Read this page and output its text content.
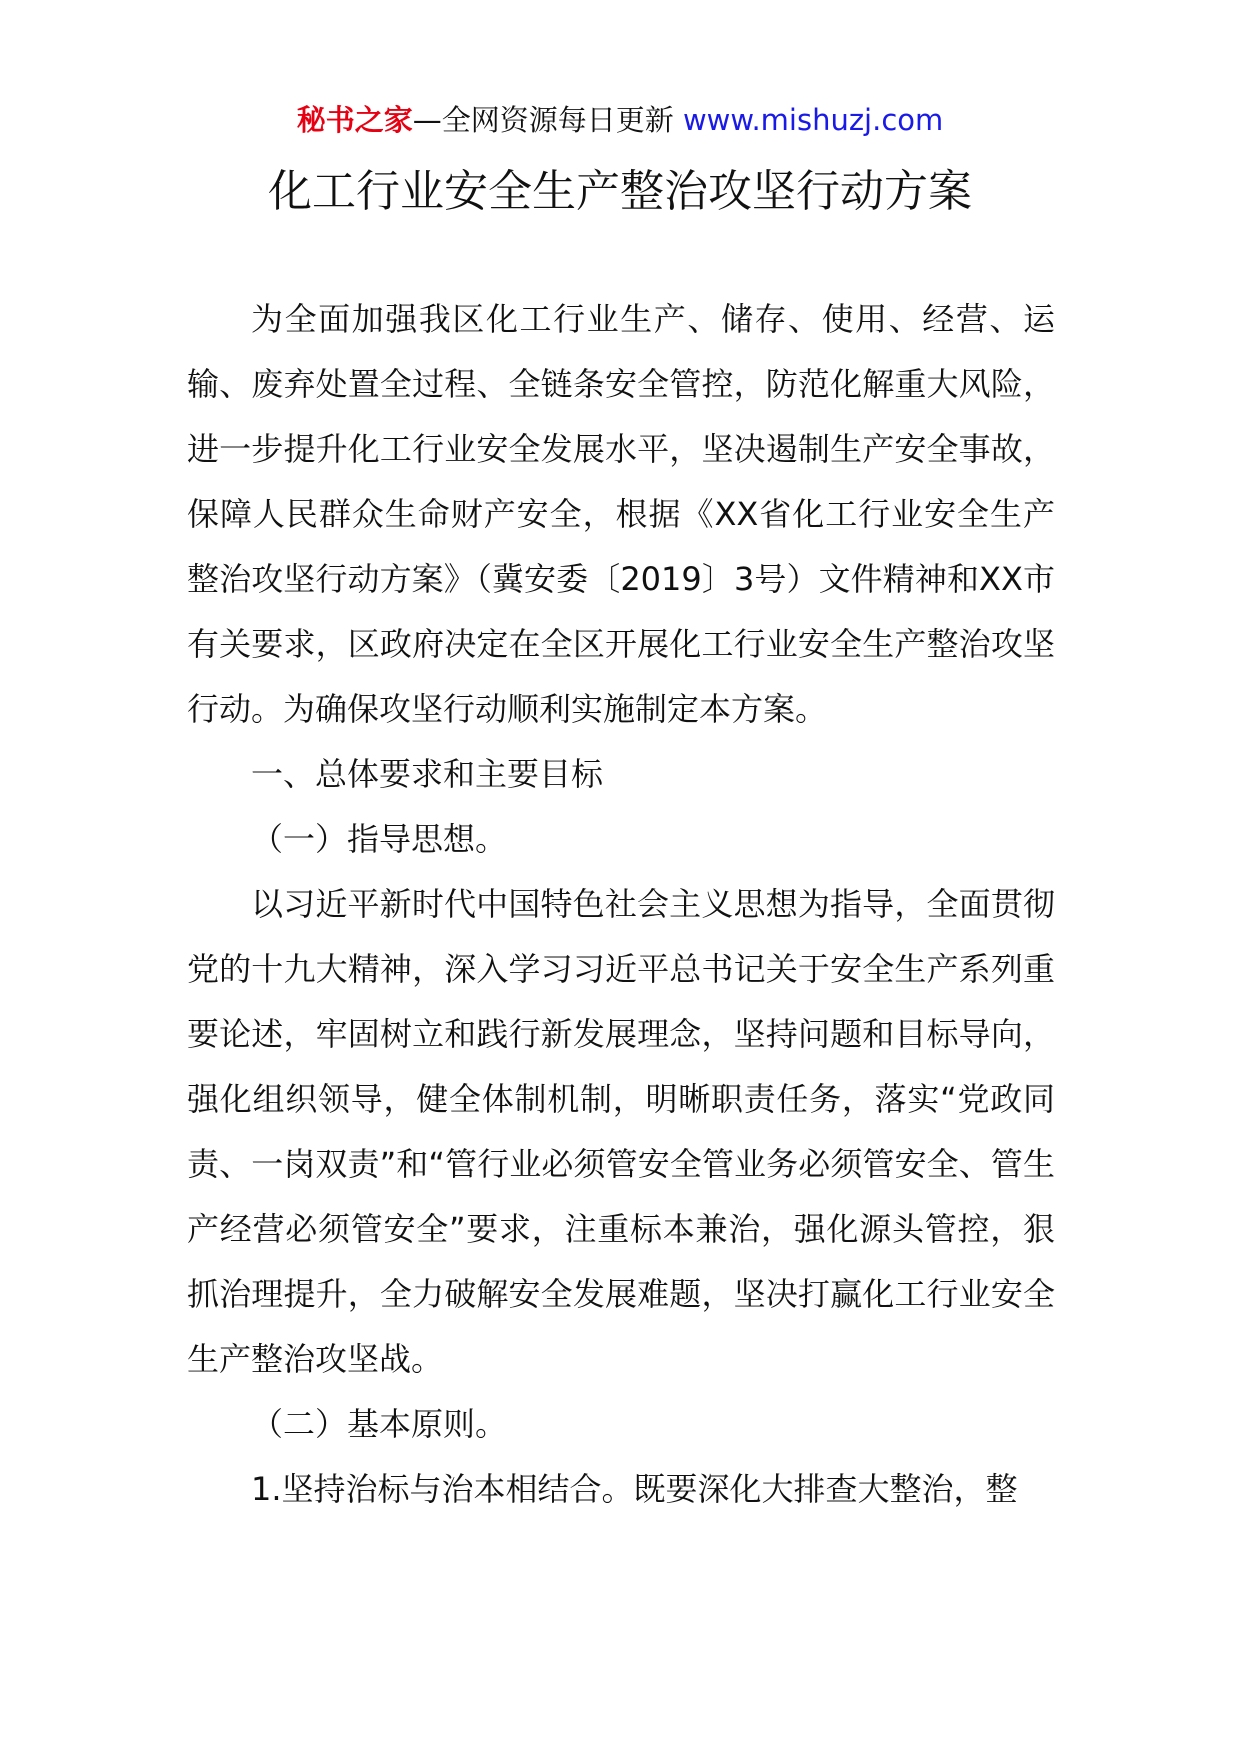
秘书之家—全网资源每日更新 www.mishuzj.com
化工行业安全生产整治攻坚行动方案

为全面加强我区化工行业生产、储存、使用、经营、运输、废弃处置全过程、全链条安全管控，防范化解重大风险，进一步提升化工行业安全发展水平，坚决遏制生产安全事故，保障人民群众生命财产安全，根据《XX省化工行业安全生产整治攻坚行动方案》（冀安委〔2019〕3号）文件精神和XX市有关要求，区政府决定在全区开展化工行业安全生产整治攻坚行动。为确保攻坚行动顺利实施制定本方案。

一、总体要求和主要目标

（一）指导思想。

以习近平新时代中国特色社会主义思想为指导，全面贯彻党的十九大精神，深入学习习近平总书记关于安全生产系列重要论述，牢固树立和践行新发展理念，坚持问题和目标导向，强化组织领导，健全体制机制，明晰职责任务，落实“党政同责、一岗双责”和“管行业必须管安全管业务必须管安全、管生产经营必须管安全”要求，注重标本兼治，强化源头管控，狠抓治理提升，全力破解安全发展难题，坚决打赢化工行业安全生产整治攻坚战。

（二）基本原则。

1.坚持治标与治本相结合。既要深化大排查大整治，整
